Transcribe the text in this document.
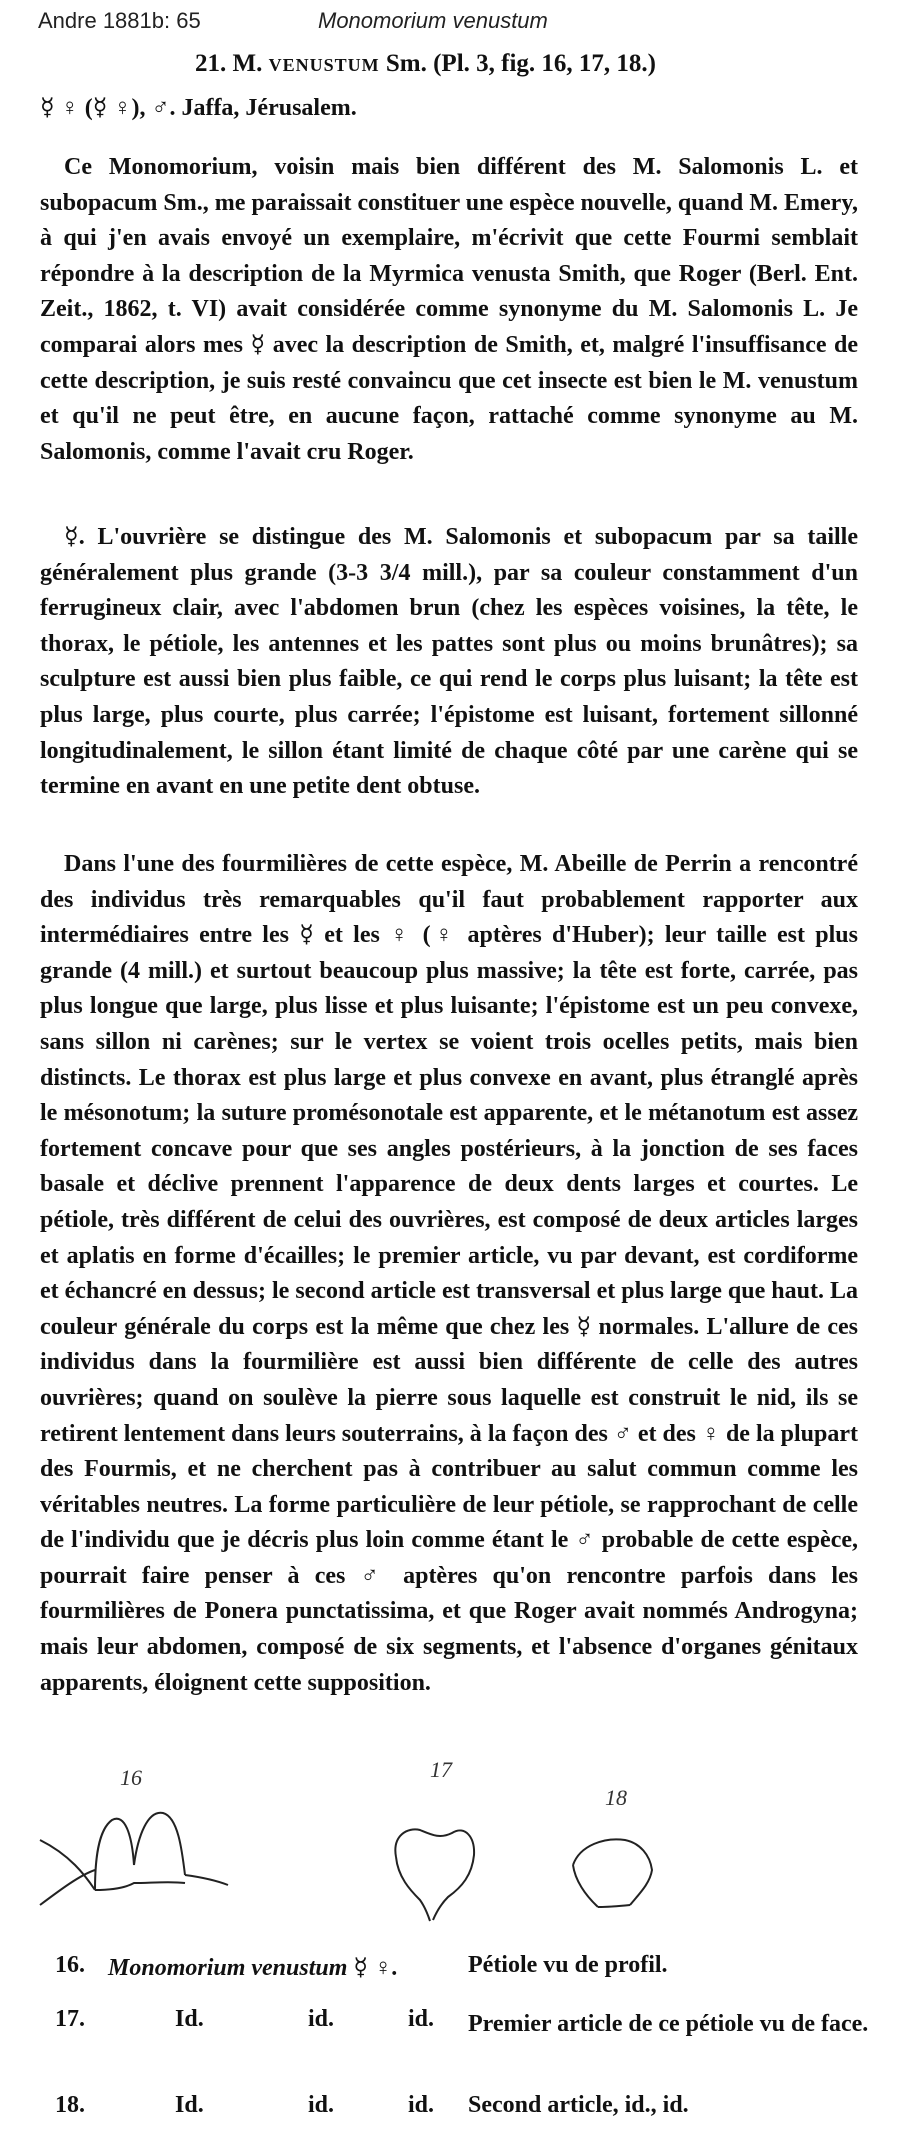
Andre 1881b: 65	Monomorium venustum
21. M. venustum Sm. (Pl. 3, fig. 16, 17, 18.)
☿ ♀ (☿ ♀), ♂. Jaffa, Jérusalem.
Ce Monomorium, voisin mais bien différent des M. Salomonis L. et subopacum Sm., me paraissait constituer une espèce nouvelle, quand M. Emery, à qui j'en avais envoyé un exemplaire, m'écrivit que cette Fourmi semblait répondre à la description de la Myrmica venusta Smith, que Roger (Berl. Ent. Zeit., 1862, t. VI) avait considérée comme synonyme du M. Salomonis L. Je comparai alors mes ☿ avec la description de Smith, et, malgré l'insuffisance de cette description, je suis resté convaincu que cet insecte est bien le M. venustum et qu'il ne peut être, en aucune façon, rattaché comme synonyme au M. Salomonis, comme l'avait cru Roger.
☿. L'ouvrière se distingue des M. Salomonis et subopacum par sa taille généralement plus grande (3-3 3/4 mill.), par sa couleur constamment d'un ferrugineux clair, avec l'abdomen brun (chez les espèces voisines, la tête, le thorax, le pétiole, les antennes et les pattes sont plus ou moins brunâtres); sa sculpture est aussi bien plus faible, ce qui rend le corps plus luisant; la tête est plus large, plus courte, plus carrée; l'épistome est luisant, fortement sillonné longitudinalement, le sillon étant limité de chaque côté par une carène qui se termine en avant en une petite dent obtuse.
Dans l'une des fourmilières de cette espèce, M. Abeille de Perrin a rencontré des individus très remarquables qu'il faut probablement rapporter aux intermédiaires entre les ☿ et les ♀ (♀ aptères d'Huber); leur taille est plus grande (4 mill.) et surtout beaucoup plus massive; la tête est forte, carrée, pas plus longue que large, plus lisse et plus luisante; l'épistome est un peu convexe, sans sillon ni carènes; sur le vertex se voient trois ocelles petits, mais bien distincts. Le thorax est plus large et plus convexe en avant, plus étranglé après le mésonotum; la suture promésonotale est apparente, et le métanotum est assez fortement concave pour que ses angles postérieurs, à la jonction de ses faces basale et déclive prennent l'apparence de deux dents larges et courtes. Le pétiole, très différent de celui des ouvrières, est composé de deux articles larges et aplatis en forme d'écailles; le premier article, vu par devant, est cordiforme et échancré en dessus; le second article est transversal et plus large que haut. La couleur générale du corps est la même que chez les ☿ normales. L'allure de ces individus dans la fourmilière est aussi bien différente de celle des autres ouvrières; quand on soulève la pierre sous laquelle est construit le nid, ils se retirent lentement dans leurs souterrains, à la façon des ♂ et des ♀ de la plupart des Fourmis, et ne cherchent pas à contribuer au salut commun comme les véritables neutres. La forme particulière de leur pétiole, se rapprochant de celle de l'individu que je décris plus loin comme étant le ♂ probable de cette espèce, pourrait faire penser à ces ♂ aptères qu'on rencontre parfois dans les fourmilières de Ponera punctatissima, et que Roger avait nommés Androgyna; mais leur abdomen, composé de six segments, et l'absence d'organes génitaux apparents, éloignent cette supposition.
16	17
18
16. Monomorium venustum ☿ ♀.	Pétiole vu de profil.
17.	Id.	id.	id. Premier article de ce pétiole vu de face.
18.	Id.	id.	id. Second article, id., id.
